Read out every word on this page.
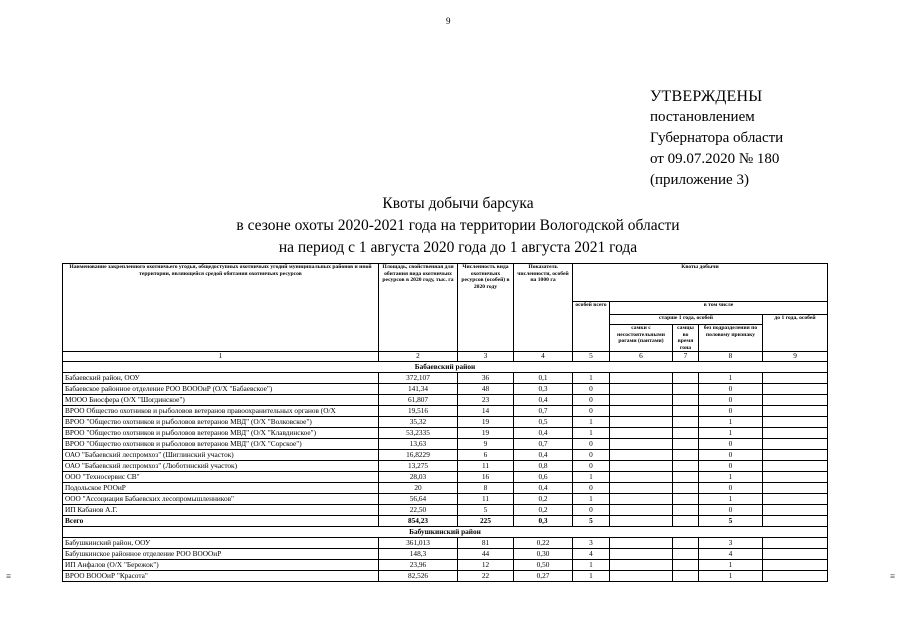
9
УТВЕРЖДЕНЫ
постановлением
Губернатора области
от 09.07.2020 № 180
(приложение 3)
Квоты добычи барсука
в сезоне охоты 2020-2021 года на территории Вологодской области
на период с 1 августа 2020 года до 1 августа 2021 года
Наименование закрепленного охотничьего угодья, общедоступных охотничьих угодий муниципальных районов и иной территории, являющейся средой обитания охотничьих ресурсов	Площадь, свойственная для обитания вида охотничьих ресурсов в 2020 году, тыс. га	Численность вида охотничьих ресурсов (особей) в 2020 году	Показатель численности, особей на 1000 га	Квоты добычи				
				особей всего	в том числе			
					старше 1 года, особей			до 1 года, особей
					самки с несостоятельными рогами (пантами)	самцы во время гона	без подразделения по половому признаку	
1	2	3	4	5	6	7	8	9
Бабаевский район								
Бабаевский район, ООУ	372,107	36	0,1	1			1	
Бабаевское районное отделение РОО ВОООиР (О/Х "Бабаевское")	141,34	48	0,3	0			0	
МООО Биосфера (О/Х "Шогдинское")	61,807	23	0,4	0			0	
ВРОО Общество охотников и рыболовов ветеранов правоохранительных органов (О/Х	19,516	14	0,7	0			0	
ВРОО "Общество охотников и рыболовов ветеранов МВД" (О/Х "Волковское")	35,32	19	0,5	1			1	
ВРОО "Общество охотников и рыболовов ветеранов МВД" (О/Х "Клавдинское")	53,2335	19	0,4	1			1	
ВРОО "Общество охотников и рыболовов ветеранов МВД" (О/Х "Сорское")	13,63	9	0,7	0			0	
ОАО "Бабаевский леспромхоз" (Шиглинский участок)	16,8229	6	0,4	0			0	
ОАО "Бабаевский леспромхоз" (Люботинский участок)	13,275	11	0,8	0			0	
ООО "Техносервис СВ"	28,03	16	0,6	1			1	
Подольское РООиР	20	8	0,4	0			0	
ООО "Ассоциация Бабаевских лесопромышленников"	56,64	11	0,2	1			1	
ИП Кабанов А.Г.	22,50	5	0,2	0			0	
Всего	854,23	225	0,3	5			5	
Бабушкинский район								
Бабушкинский район, ООУ	361,013	81	0,22	3			3	
Бабушкинское районное отделение РОО ВОООиР	148,3	44	0,30	4			4	
ИП Анфалов (О/Х "Бережок")	23,96	12	0,50	1			1	
ВРОО ВОООиР "Красота"	82,526	22	0,27	1			1	
≡	≡
